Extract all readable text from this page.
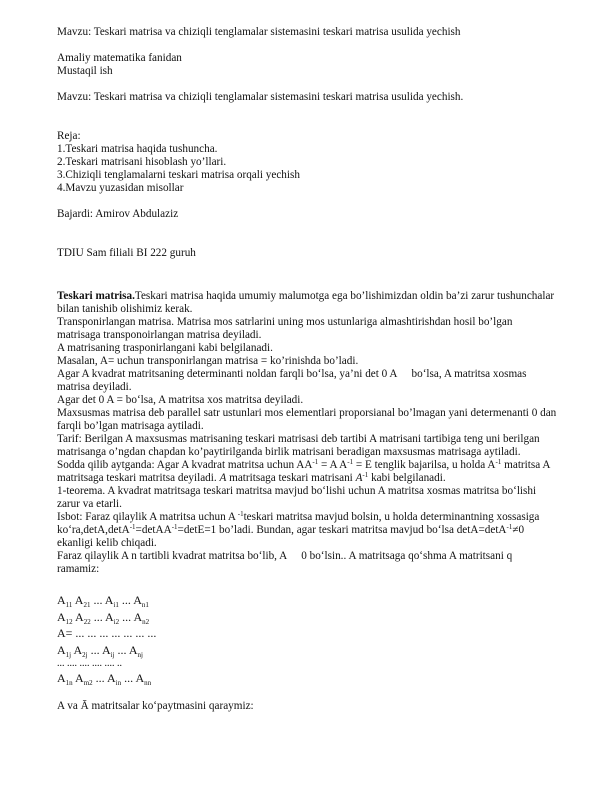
Mavzu: Teskari matrisa va chiziqli tenglamalar sistemasini teskari matrisa usulida yechish

Amaliy matematika fanidan

Mustaqil ish

Mavzu: Teskari matrisa va chiziqli tenglamalar sistemasini teskari matrisa usulida yechish.

Reja:

1.Teskari matrisa haqida tushuncha.

2.Teskari matrisani hisoblash yo’llari.

3.Chiziqli tenglamalarni teskari matrisa orqali yechish

4.Mavzu yuzasidan misollar

Bajardi: Amirov Abdulaziz

TDIU Sam filiali BI 222 guruh

Teskari matrisa.Teskari matrisa haqida umumiy malumotga ega bo’lishimizdan oldin ba’zi zarur tushunchalar bilan tanishib olishimiz kerak.

Transponirlangan matrisa. Matrisa mos satrlarini uning mos ustunlariga almashtirishdan hosil bo’lgan matrisaga transponoirlangan matrisa deyiladi.

A matrisaning trasponirlangani kabi belgilanadi.

Masalan, A= uchun transponirlangan matrisa = ko’rinishda bo’ladi.

Agar A kvadrat matritsaning determinanti noldan farqli bo‘lsa, ya’ni det 0 A bo‘lsa, A matritsa xosmas matrisa deyiladi.

Agar det 0 A = bo‘lsa, A matritsa xos matritsa deyiladi.

Maxsusmas matrisa deb parallel satr ustunlari mos elementlari proporsianal bo’lmagan yani determenanti 0 dan farqli bo’lgan matrisaga aytiladi.

Tarif: Berilgan A maxsusmas matrisaning teskari matrisasi deb tartibi A matrisani tartibiga teng uni berilgan matrisanga o’ngdan chapdan ko’paytirilganda birlik matrisani beradigan maxsusmas matrisaga aytiladi.

Sodda qilib aytganda: Agar A kvadrat matritsa uchun $AA^{-1} = A$ $A^{-1} = E$ tenglik bajarilsa, u holda $A^{-1}$ matritsa A matritsaga teskari matritsa deyiladi. A matritsaga teskari matrisani $A^{-1}$ kabi belgilanadi.

1-teorema. A kvadrat matritsaga teskari matritsa mavjud bo‘lishi uchun A matritsa xosmas matritsa bo‘lishi zarur va etarli.

Isbot: Faraz qilaylik A matritsa uchun A $^{-1}$teskari matritsa mavjud bolsin, u holda determinantning xossasiga ko‘ra,detA,detA$^{-1}$=detAA$^{-1}$=detE=1 bo’ladi. Bundan, agar teskari matritsa mavjud bo‘lsa detA=detA$^{-1}$≠0 ekanligi kelib chiqadi.

Faraz qilaylik A n tartibli kvadrat matritsa bo‘lib, A 0 bo‘lsin.. A matritsaga qo‘shma A matritsani q ramamiz:

$A_{11}$ $A_{21}$ ... $A_{i1}$ ... $A_{n1}$

$A_{12}$ $A_{22}$ ... $A_{i2}$ ... $A_{n2}$

A= ... ... ... ... ... ... ...

$A_{1j}$ $A_{2j}$ ... $A_{ij}$ ... $A_{nj}$

... .... .... .... .... ..

$A_{1n}$ $A_{m2}$ ... $A_{in}$ ... $A_{nn}$

A va Ā matritsalar ko‘paytmasini qaraymiz:
